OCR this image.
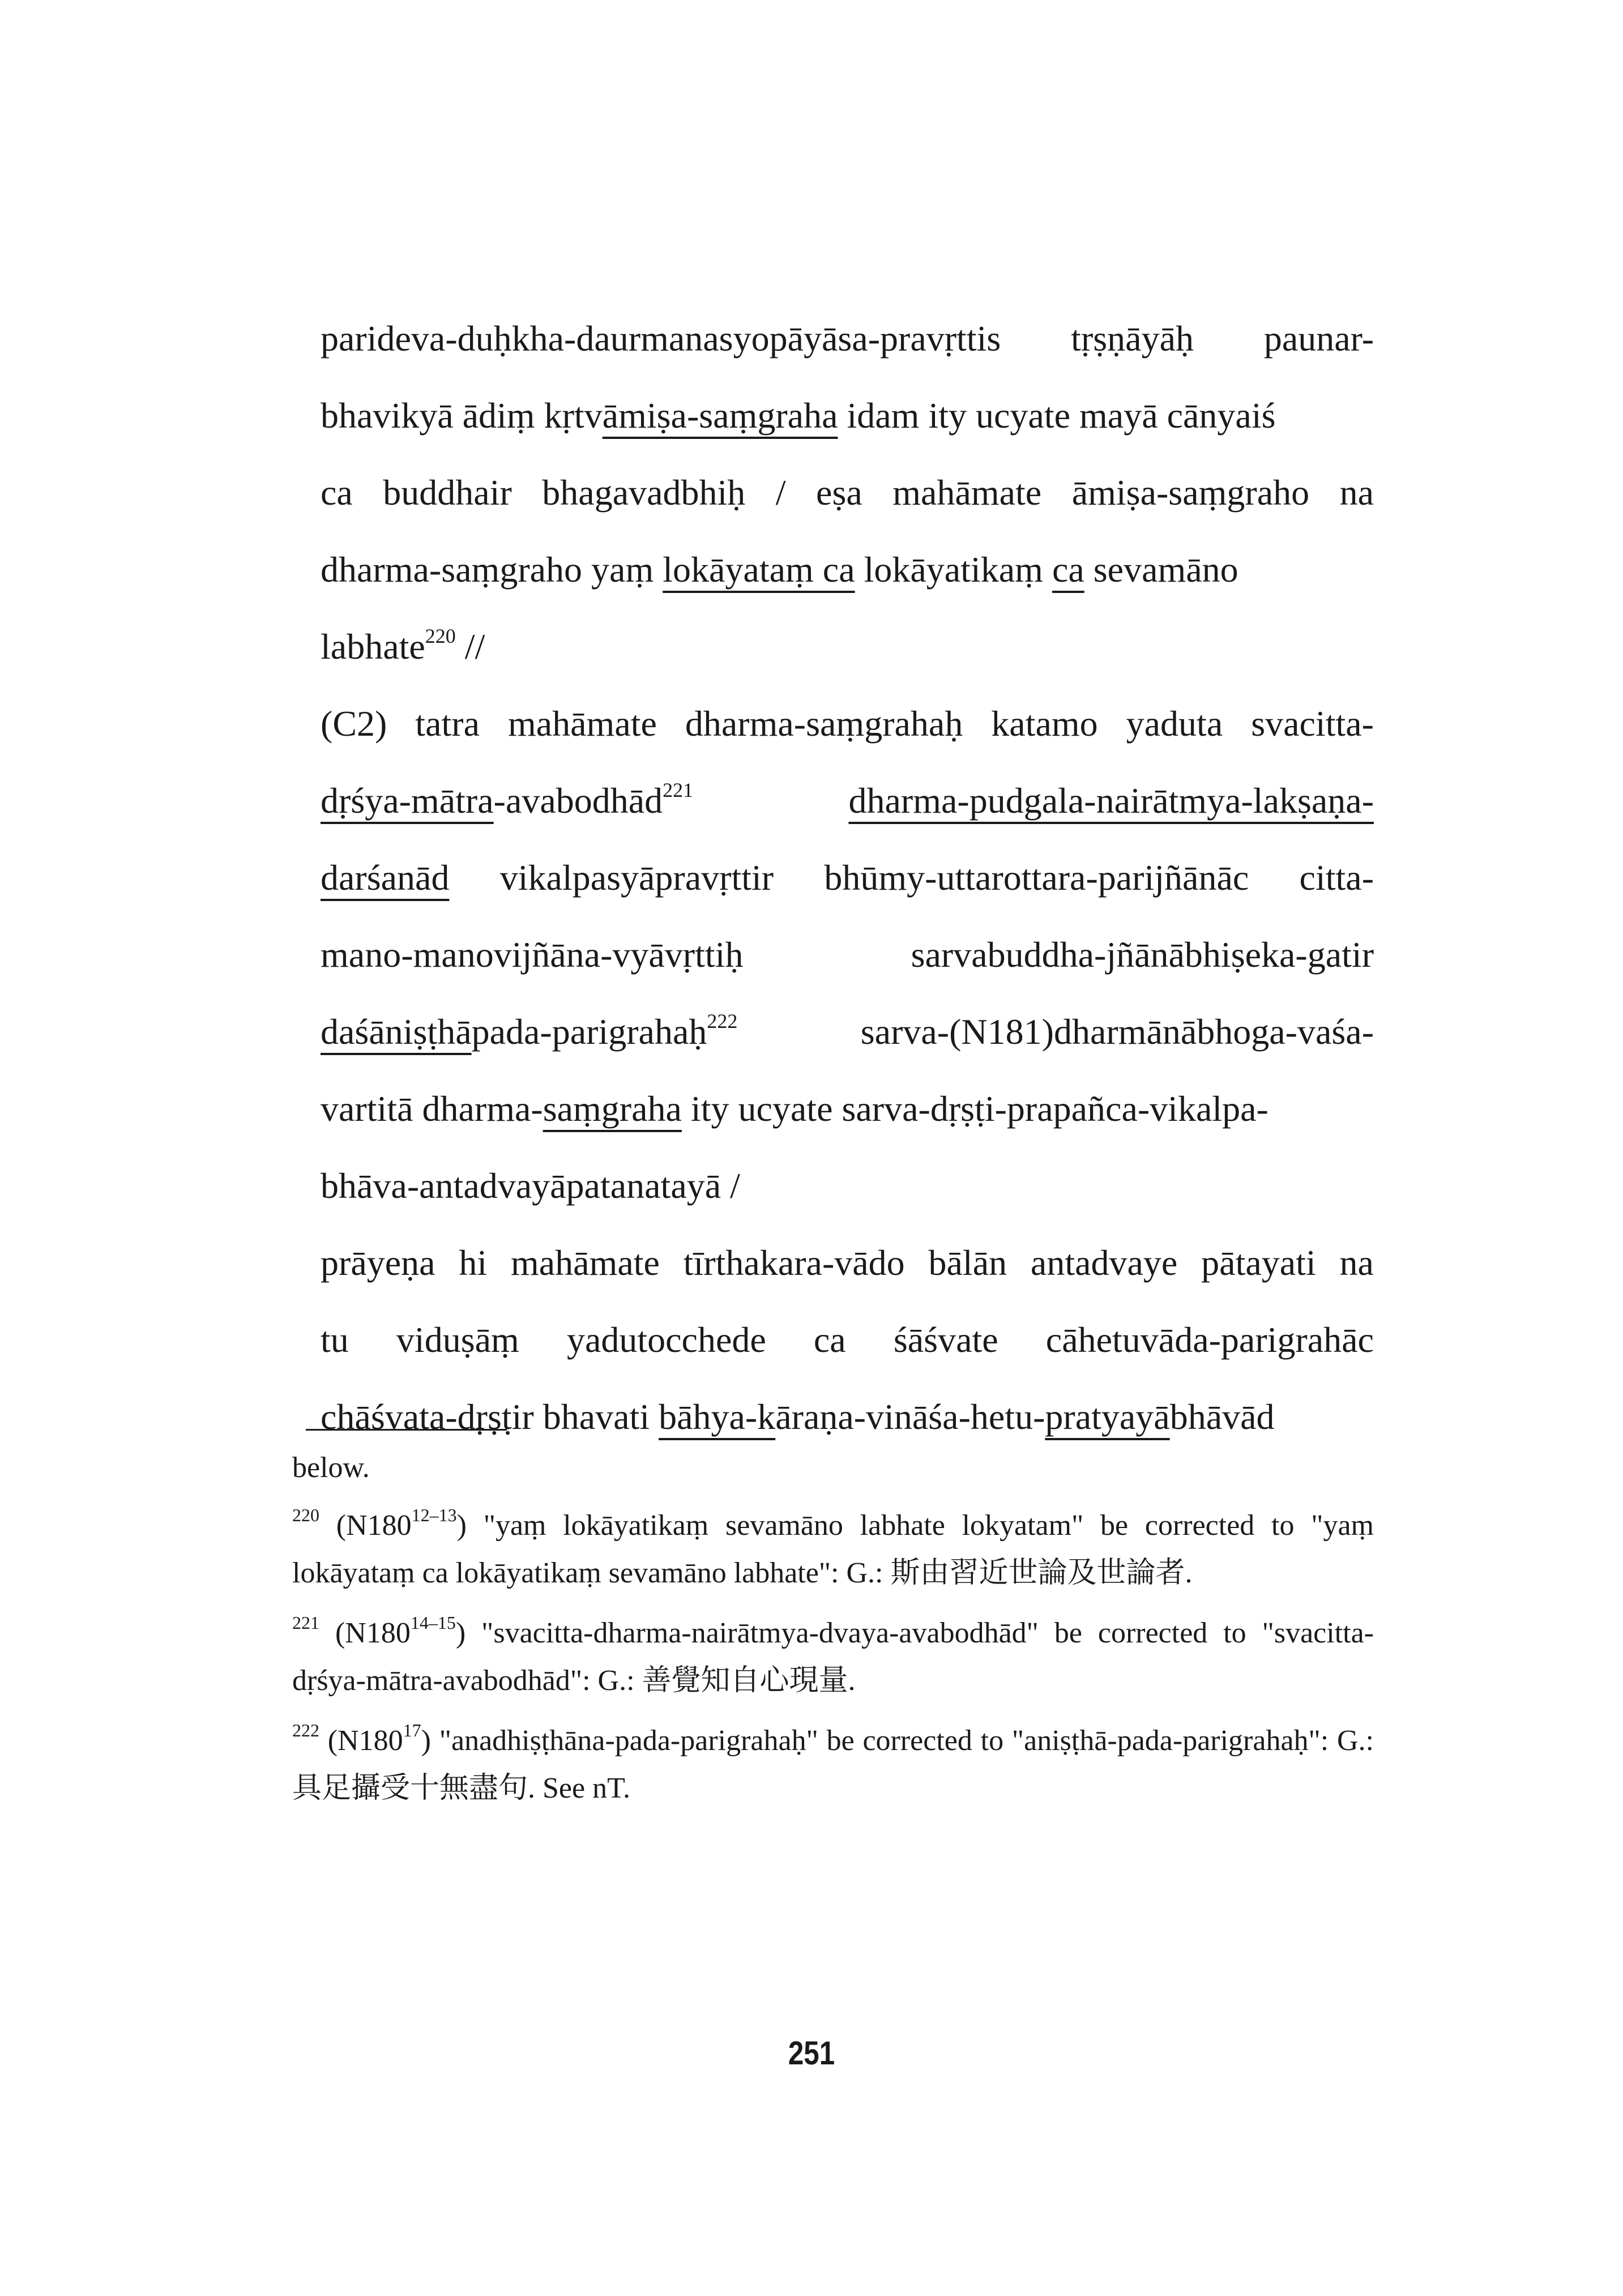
parideva-duḥkha-daurmanasyopāyāsa-pravṛttis tṛṣṇāyāḥ paunar-
bhavikyā ādiṃ kṛtvāmiṣa-saṃgraha idam ity ucyate mayā cānyaiś
ca buddhair bhagavadbhiḥ / eṣa mahāmate āmiṣa-saṃgraho na
dharma-saṃgraho yaṃ lokāyataṃ ca lokāyatikaṃ ca sevamāno
labhate$^{220}$ //
(C2) tatra mahāmate dharma-saṃgrahaḥ katamo yaduta svacitta-
dṛśya-mātra-avabodhād$^{221}$	dharma-pudgala-nairātmya-lakṣaṇa-
darśanād vikalpasyāpravṛttir bhūmy-uttarottara-parijñānāc citta-
mano-manovijñāna-vyāvṛttiḥ	sarvabuddha-jñānābhiṣeka-gatir
daśāniṣṭhāpada-parigrahaḥ$^{222}$	sarva-(N181)dharmānābhoga-vaśa-
vartitā dharma-saṃgraha ity ucyate sarva-dṛṣṭi-prapañca-vikalpa-
bhāva-antadvayāpatanatayā /
prāyeṇa hi mahāmate tīrthakara-vādo bālān antadvaye pātayati na
tu viduṣāṃ yadutocchede ca śāśvate cāhetuvāda-parigrahāc
chāśvata-dṛṣṭir bhavati bāhya-kāraṇa-vināśa-hetu-pratyayābhāvād

below.

$^{220}$ (N180$^{12-13}$) "yaṃ lokāyatikaṃ sevamāno labhate lokyatam" be corrected to "yaṃ lokāyataṃ ca lokāyatikaṃ sevamāno labhate": G.: 斯由習近世論及世論者.

$^{221}$ (N180$^{14-15}$) "svacitta-dharma-nairātmya-dvaya-avabodhād" be corrected to "svacitta-dṛśya-mātra-avabodhād": G.: 善覺知自心現量.

$^{222}$ $(N180^{17})$ "anadhiṣṭhāna-pada-parigrahaḥ" be corrected to "aniṣṭhā-pada-parigrahaḥ": G.:具足攝受十無盡句. See nT.

251
